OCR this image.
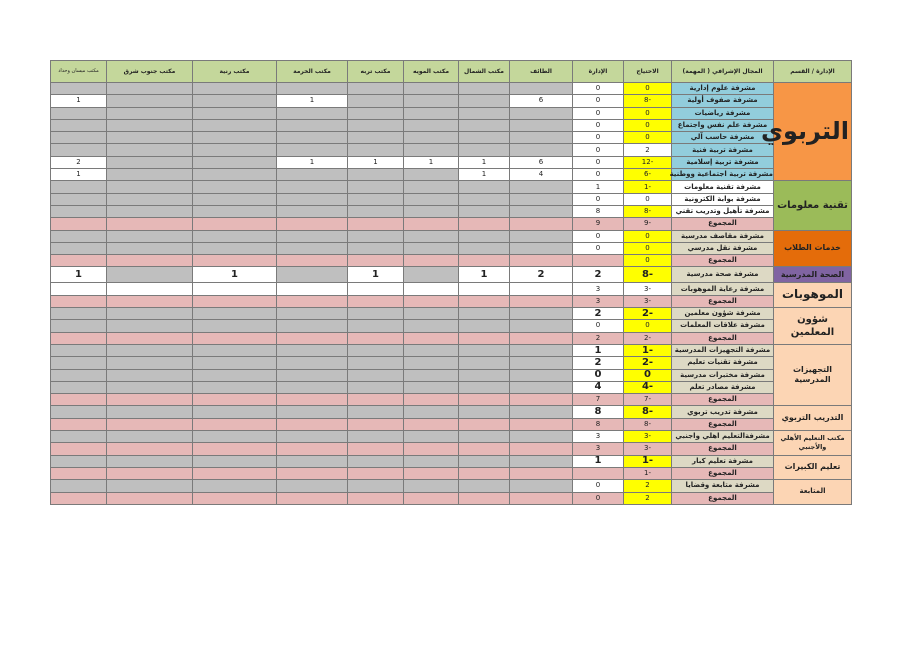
الإدارة / القسم	المجال الإشرافي ( المهمة)	الاحتياج	الإدارة	الطائف	مكتب الشمال	مكتب المويه	مكتب تربه	مكتب الخرمة	مكتب رنية	مكتب جنوب شرق	مكتب ميسان وحداد
التربوي	مشرفة علوم إدارية	0	0								
	مشرفة صفوف أولية	-8	0	6				1			1
	مشرفة رياضيات	0	0								
	مشرفة علم نفس واجتماع	0	0								
	مشرفة حاسب آلي	0	0								
	مشرفة تربية فنية	2	0								
	مشرفة تربية إسلامية	-12	0	6	1	1	1	1			2
	مشرفة تربية اجتماعية ووطنية	-6	0	4	1						1
تقنية معلومات	مشرفة تقنية معلومات	-1	1								
	مشرفة بوابة الكترونية	0	0								
	مشرفة تأهيل وتدريب تقني	-8	8								
	المجموع	-9	9								
خدمات الطلاب	مشرفة مقاصف مدرسية	0	0								
	مشرفة نقل مدرسي	0	0								
	المجموع	0									
الصحة المدرسية	مشرفة صحة مدرسية	-8	2	2	1		1		1		1
الموهوبات	مشرفة رعاية الموهوبات	-3	3								
	المجموع	-3	3								
شؤون المعلمين	مشرفة شؤون معلمين	-2	2								
	مشرفة علاقات المعلمات	0	0								
	المجموع	-2	2								
التجهيزات المدرسية	مشرفة التجهيزات المدرسية	-1	1								
	مشرفة تقنيات تعليم	-2	2								
	مشرفة مختبرات مدرسية	0	0								
	مشرفة مصادر تعلم	-4	4								
	المجموع	-7	7								
التدريب التربوي	مشرفة تدريب تربوي	-8	8								
	المجموع	-8	8								
مكتب التعليم الأهلي والأجنبي	مشرفةالتعليم اهلي واجنبي	-3	3								
	المجموع	-3	3								
تعليم الكبيرات	مشرفة تعليم كبار	-1	1								
	المجموع	-1									
المتابعة	مشرفة متابعة وقضايا	2	0								
	المجموع	2	0								
